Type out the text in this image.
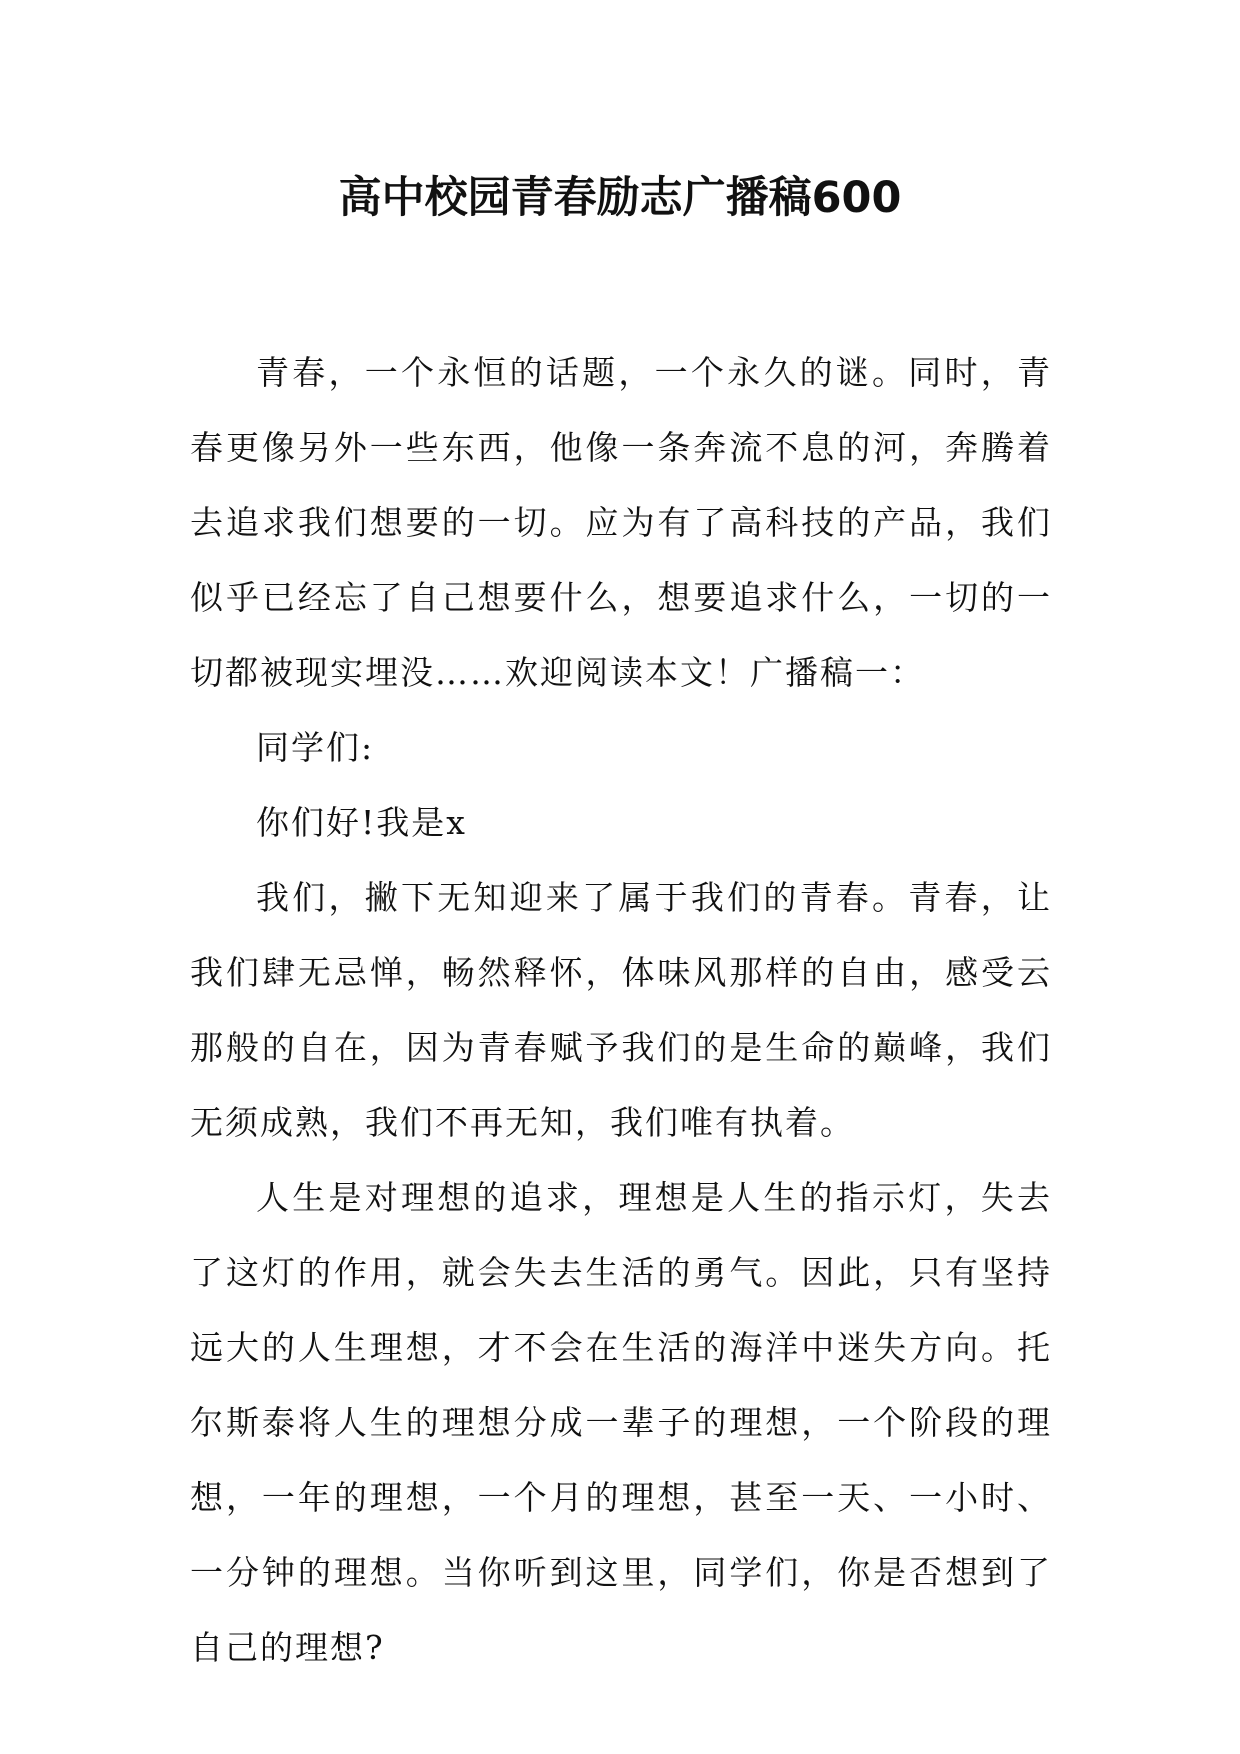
高中校园青春励志广播稿600

青春，一个永恒的话题，一个永久的谜。同时，青春更像另外一些东西，他像一条奔流不息的河，奔腾着去追求我们想要的一切。应为有了高科技的产品，我们似乎已经忘了自己想要什么，想要追求什么，一切的一切都被现实埋没……欢迎阅读本文！广播稿一：

同学们:

你们好!我是x

我们，撇下无知迎来了属于我们的青春。青春，让我们肆无忌惮，畅然释怀，体味风那样的自由，感受云那般的自在，因为青春赋予我们的是生命的巅峰，我们无须成熟，我们不再无知，我们唯有执着。

人生是对理想的追求，理想是人生的指示灯，失去了这灯的作用，就会失去生活的勇气。因此，只有坚持远大的人生理想，才不会在生活的海洋中迷失方向。托尔斯泰将人生的理想分成一辈子的理想，一个阶段的理想，一年的理想，一个月的理想，甚至一天、一小时、一分钟的理想。当你听到这里，同学们，你是否想到了自己的理想?
